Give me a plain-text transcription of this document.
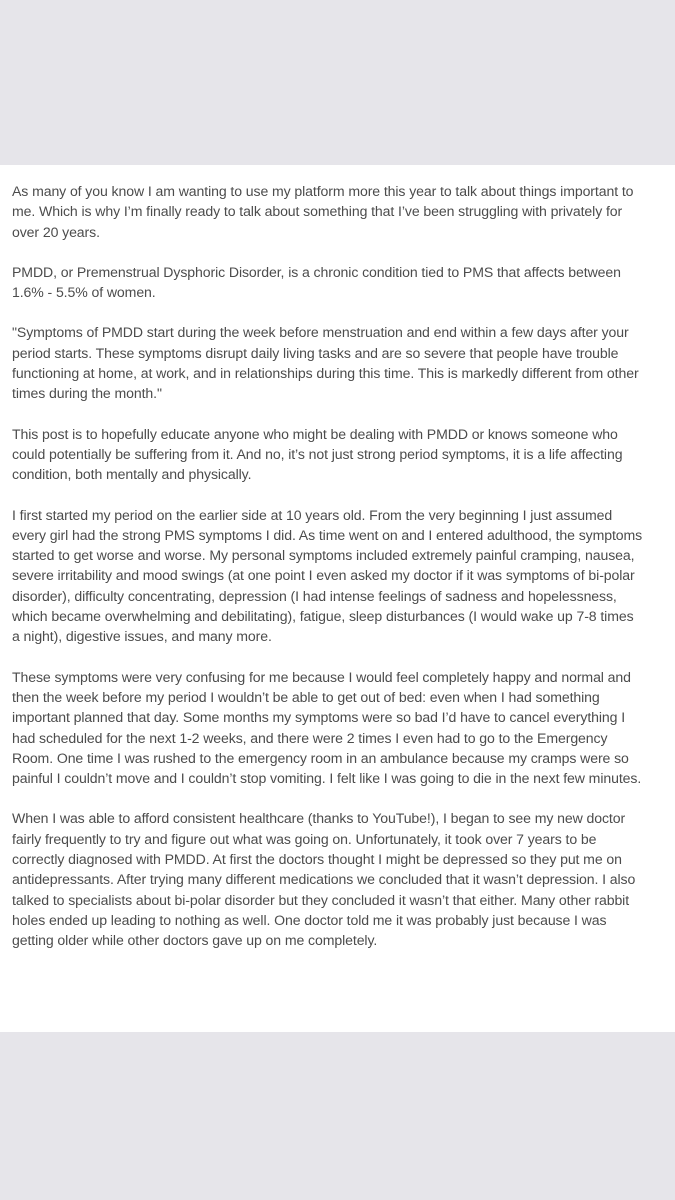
As many of you know I am wanting to use my platform more this year to talk about things important to me. Which is why I’m finally ready to talk about something that I’ve been struggling with privately for over 20 years.

PMDD, or Premenstrual Dysphoric Disorder, is a chronic condition tied to PMS that affects between 1.6% - 5.5% of women.

"Symptoms of PMDD start during the week before menstruation and end within a few days after your period starts. These symptoms disrupt daily living tasks and are so severe that people have trouble functioning at home, at work, and in relationships during this time. This is markedly different from other times during the month."

This post is to hopefully educate anyone who might be dealing with PMDD or knows someone who could potentially be suffering from it. And no, it’s not just strong period symptoms, it is a life affecting condition, both mentally and physically.

I first started my period on the earlier side at 10 years old. From the very beginning I just assumed every girl had the strong PMS symptoms I did. As time went on and I entered adulthood, the symptoms started to get worse and worse. My personal symptoms included extremely painful cramping, nausea, severe irritability and mood swings (at one point I even asked my doctor if it was symptoms of bi-polar disorder), difficulty concentrating, depression (I had intense feelings of sadness and hopelessness, which became overwhelming and debilitating), fatigue, sleep disturbances (I would wake up 7-8 times a night), digestive issues, and many more.

These symptoms were very confusing for me because I would feel completely happy and normal and then the week before my period I wouldn’t be able to get out of bed: even when I had something important planned that day. Some months my symptoms were so bad I’d have to cancel everything I had scheduled for the next 1-2 weeks, and there were 2 times I even had to go to the Emergency Room. One time I was rushed to the emergency room in an ambulance because my cramps were so painful I couldn’t move and I couldn’t stop vomiting. I felt like I was going to die in the next few minutes.

When I was able to afford consistent healthcare (thanks to YouTube!), I began to see my new doctor fairly frequently to try and figure out what was going on. Unfortunately, it took over 7 years to be correctly diagnosed with PMDD. At first the doctors thought I might be depressed so they put me on antidepressants. After trying many different medications we concluded that it wasn’t depression. I also talked to specialists about bi-polar disorder but they concluded it wasn’t that either. Many other rabbit holes ended up leading to nothing as well. One doctor told me it was probably just because I was getting older while other doctors gave up on me completely.
